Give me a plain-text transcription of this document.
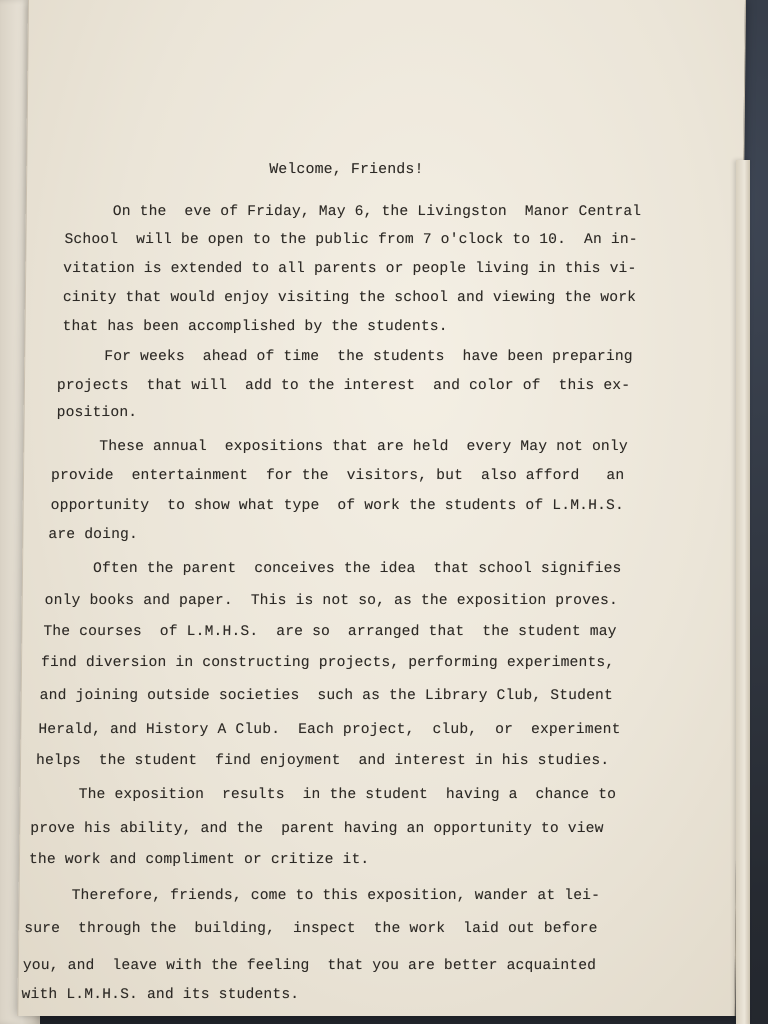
Welcome, Friends!
On the  eve of Friday, May 6, the Livingston  Manor Central
School  will be open to the public from 7 o'clock to 10.  An in-
vitation is extended to all parents or people living in this vi-
cinity that would enjoy visiting the school and viewing the work
that has been accomplished by the students.
For weeks  ahead of time  the students  have been preparing
projects  that will  add to the interest  and color of  this ex-
position.
These annual  expositions that are held  every May not only
provide  entertainment  for the  visitors, but  also afford   an
opportunity  to show what type  of work the students of L.M.H.S.
are doing.
Often the parent  conceives the idea  that school signifies
only books and paper.  This is not so, as the exposition proves.
The courses  of L.M.H.S.  are so  arranged that  the student may
find diversion in constructing projects, performing experiments,
and joining outside societies  such as the Library Club, Student
Herald, and History A Club.  Each project,  club,  or  experiment
helps  the student  find enjoyment  and interest in his studies.
The exposition  results  in the student  having a  chance to
prove his ability, and the  parent having an opportunity to view
the work and compliment or critize it.
Therefore, friends, come to this exposition, wander at lei-
sure  through the  building,  inspect  the work  laid out before
you, and  leave with the feeling  that you are better acquainted
with L.M.H.S. and its students.
